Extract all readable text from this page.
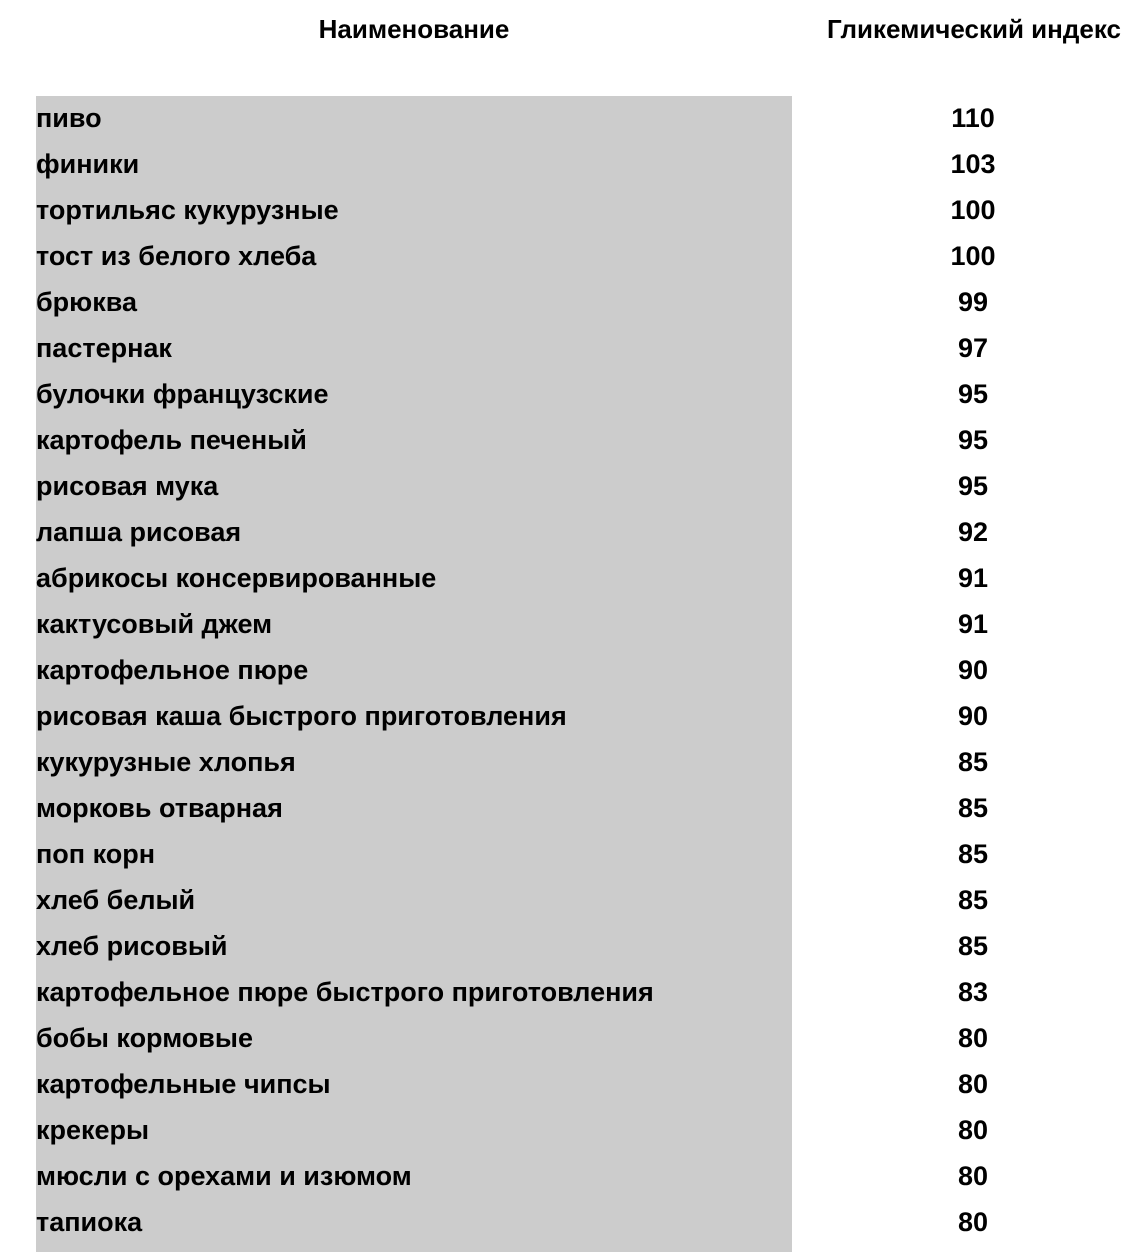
Наименование	Гликемический индекс
пиво	110
финики	103
тортильяс кукурузные	100
тост из белого хлеба	100
брюква	99
пастернак	97
булочки французские	95
картофель печеный	95
рисовая мука	95
лапша рисовая	92
абрикосы консервированные	91
кактусовый джем	91
картофельное пюре	90
рисовая каша быстрого приготовления	90
кукурузные хлопья	85
морковь отварная	85
поп корн	85
хлеб белый	85
хлеб рисовый	85
картофельное пюре быстрого приготовления	83
бобы кормовые	80
картофельные чипсы	80
крекеры	80
мюсли с орехами и изюмом	80
тапиока	80
